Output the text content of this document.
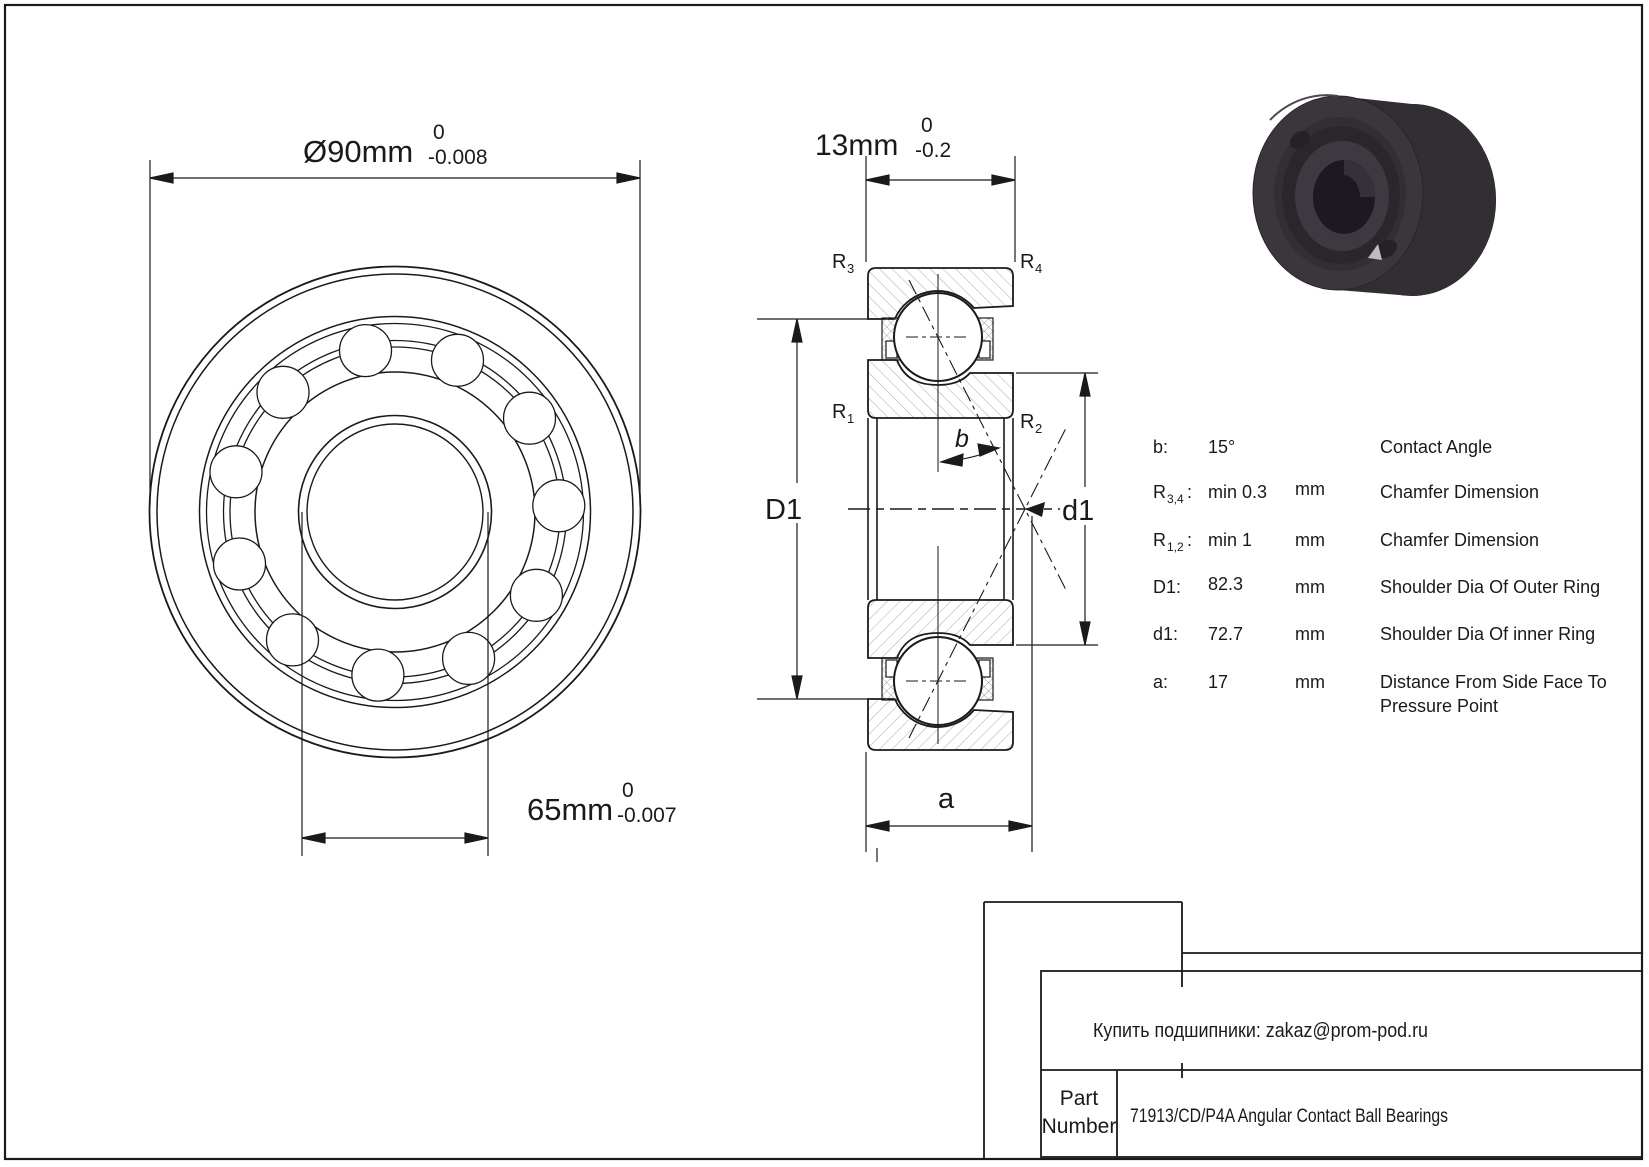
Ø90mm
0
-0.008
65mm
0
-0.007
13mm
0
-0.2
D1	d1
a
b
R 3	R 4
R 1	R 2
b: 15°	Contact Angle
R 3,4 : min 0.3 mm	Chamfer Dimension
R 1,2 : min 1 mm	Chamfer Dimension
D1: 82.3	mm	Shoulder Dia Of Outer Ring
d1: 72.7	mm	Shoulder Dia Of inner Ring
a: 17	mm	Distance From Side Face To
Pressure Point
Купить подшипники: zakaz@prom-pod.ru
Part
Number 71913/CD/P4A Angular Contact Ball Bearings
